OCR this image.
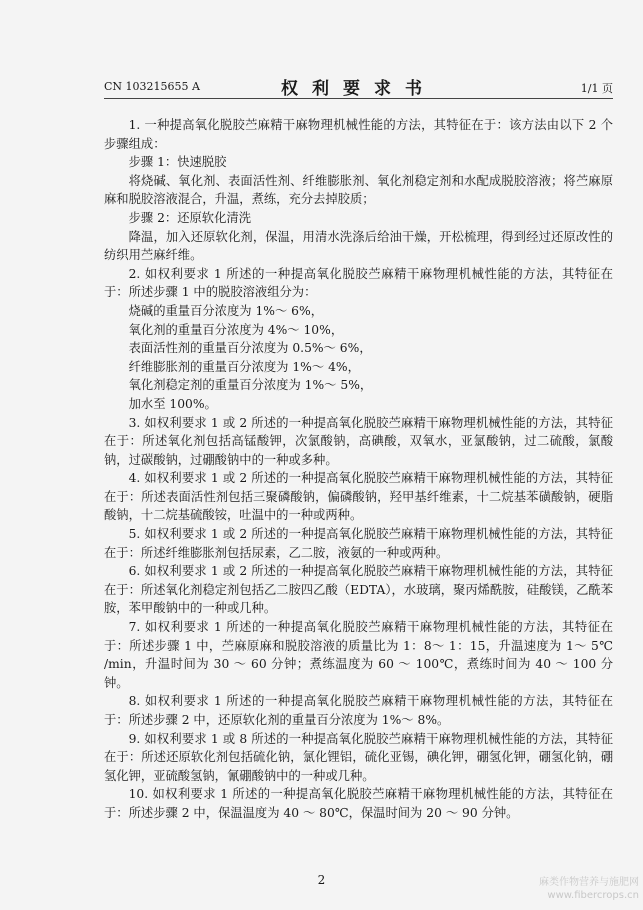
CN 103215655 A	权利要求书	1/1 页

1. 一种提高氧化脱胶苎麻精干麻物理机械性能的方法，其特征在于：该方法由以下 2 个步骤组成：

步骤 1：快速脱胶

将烧碱、氧化剂、表面活性剂、纤维膨胀剂、氧化剂稳定剂和水配成脱胶溶液；将苎麻原麻和脱胶溶液混合，升温，煮练，充分去掉胶质；

步骤 2：还原软化清洗

降温，加入还原软化剂，保温，用清水洗涤后给油干燥，开松梳理，得到经过还原改性的纺织用苎麻纤维。

2. 如权利要求 1 所述的一种提高氧化脱胶苎麻精干麻物理机械性能的方法，其特征在于：所述步骤 1 中的脱胶溶液组分为：

烧碱的重量百分浓度为 1%～ 6%，

氧化剂的重量百分浓度为 4%～ 10%，

表面活性剂的重量百分浓度为 0.5%～ 6%，

纤维膨胀剂的重量百分浓度为 1%～ 4%，

氧化剂稳定剂的重量百分浓度为 1%～ 5%，

加水至 100%。

3. 如权利要求 1 或 2 所述的一种提高氧化脱胶苎麻精干麻物理机械性能的方法，其特征在于：所述氧化剂包括高锰酸钾，次氯酸钠，高碘酸，双氧水，亚氯酸钠，过二硫酸，氯酸钠，过碳酸钠，过硼酸钠中的一种或多种。

4. 如权利要求 1 或 2 所述的一种提高氧化脱胶苎麻精干麻物理机械性能的方法，其特征在于：所述表面活性剂包括三聚磷酸钠，偏磷酸钠，羟甲基纤维素，十二烷基苯磺酸钠，硬脂酸钠，十二烷基硫酸铵，吐温中的一种或两种。

5. 如权利要求 1 或 2 所述的一种提高氧化脱胶苎麻精干麻物理机械性能的方法，其特征在于：所述纤维膨胀剂包括尿素，乙二胺，液氨的一种或两种。

6. 如权利要求 1 或 2 所述的一种提高氧化脱胶苎麻精干麻物理机械性能的方法，其特征在于：所述氧化剂稳定剂包括乙二胺四乙酸（EDTA），水玻璃，聚丙烯酰胺，硅酸镁，乙酰苯胺，苯甲酸钠中的一种或几种。

7. 如权利要求 1 所述的一种提高氧化脱胶苎麻精干麻物理机械性能的方法，其特征在于：所述步骤 1 中，苎麻原麻和脱胶溶液的质量比为 1：8～ 1：15，升温速度为 1～ 5℃ /min，升温时间为 30 ～ 60 分钟；煮练温度为 60 ～ 100℃，煮练时间为 40 ～ 100 分钟。

8. 如权利要求 1 所述的一种提高氧化脱胶苎麻精干麻物理机械性能的方法，其特征在于：所述步骤 2 中，还原软化剂的重量百分浓度为 1%～ 8%。

9. 如权利要求 1 或 8 所述的一种提高氧化脱胶苎麻精干麻物理机械性能的方法，其特征在于：所述还原软化剂包括硫化钠，氯化锂铝，硫化亚锡，碘化钾，硼氢化钾，硼氢化钠，硼氢化钾，亚硫酸氢钠，氰硼酸钠中的一种或几种。

10. 如权利要求 1 所述的一种提高氧化脱胶苎麻精干麻物理机械性能的方法，其特征在于：所述步骤 2 中，保温温度为 40 ～ 80℃，保温时间为 20 ～ 90 分钟。

2	麻类作物营养与施肥网
www.fibercrops.cn
